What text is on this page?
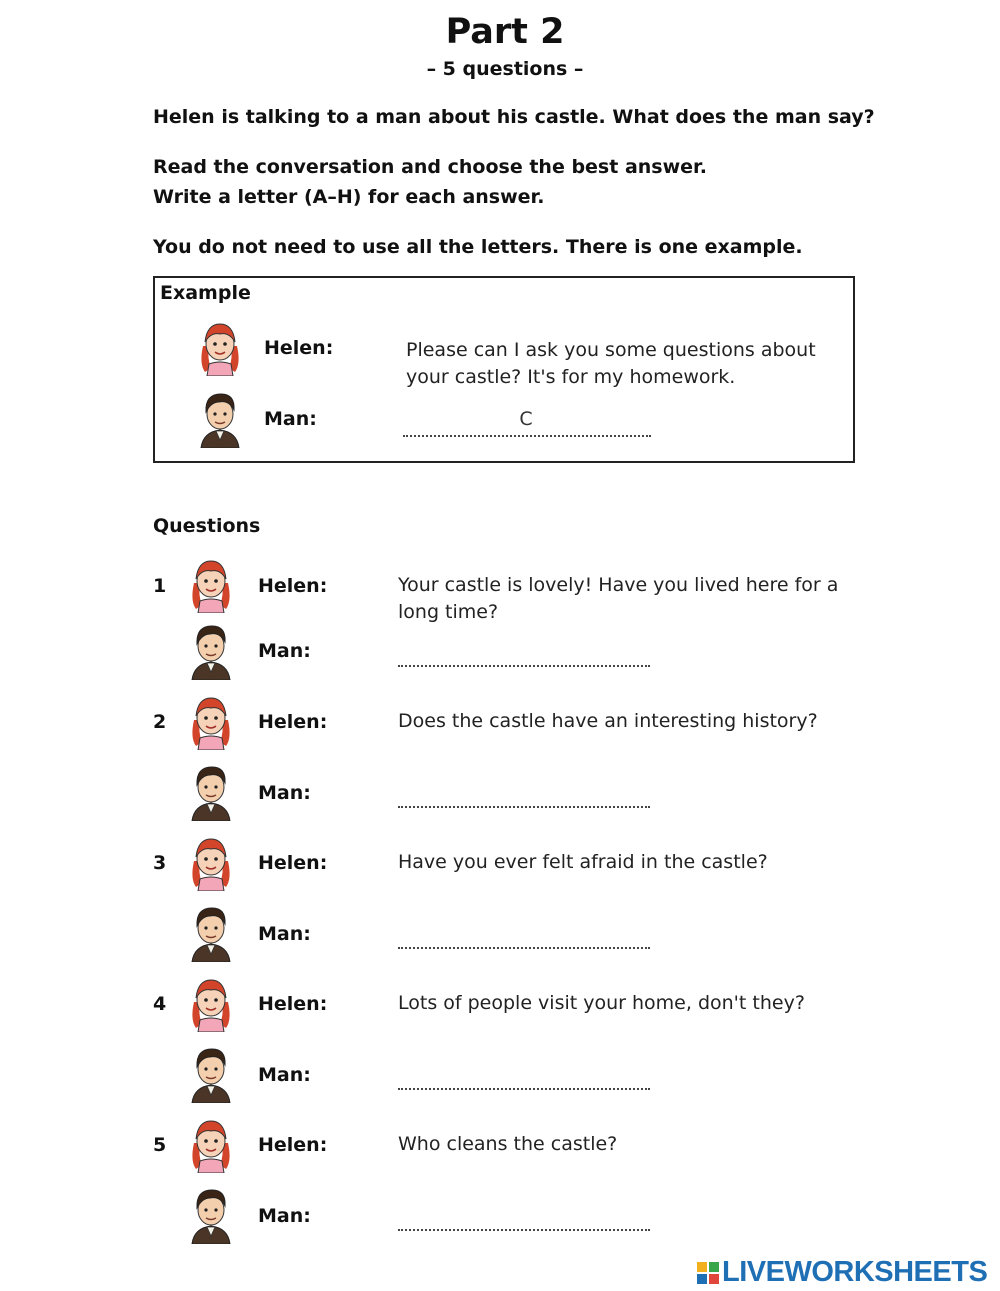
Part 2
– 5 questions –
Helen is talking to a man about his castle. What does the man say?
Read the conversation and choose the best answer.
Write a letter (A–H) for each answer.
You do not need to use all the letters. There is one example.
Example
Helen:	Please can I ask you some questions about
your castle? It's for my homework.
Man:	C
Questions
1	Helen:	Your castle is lovely! Have you lived here for a
long time?
Man:
2	Helen:	Does the castle have an interesting history?
Man:
3	Helen:	Have you ever felt afraid in the castle?
Man:
4	Helen:	Lots of people visit your home, don't they?
Man:
5	Helen:	Who cleans the castle?
Man:
LIVEWORKSHEETS
